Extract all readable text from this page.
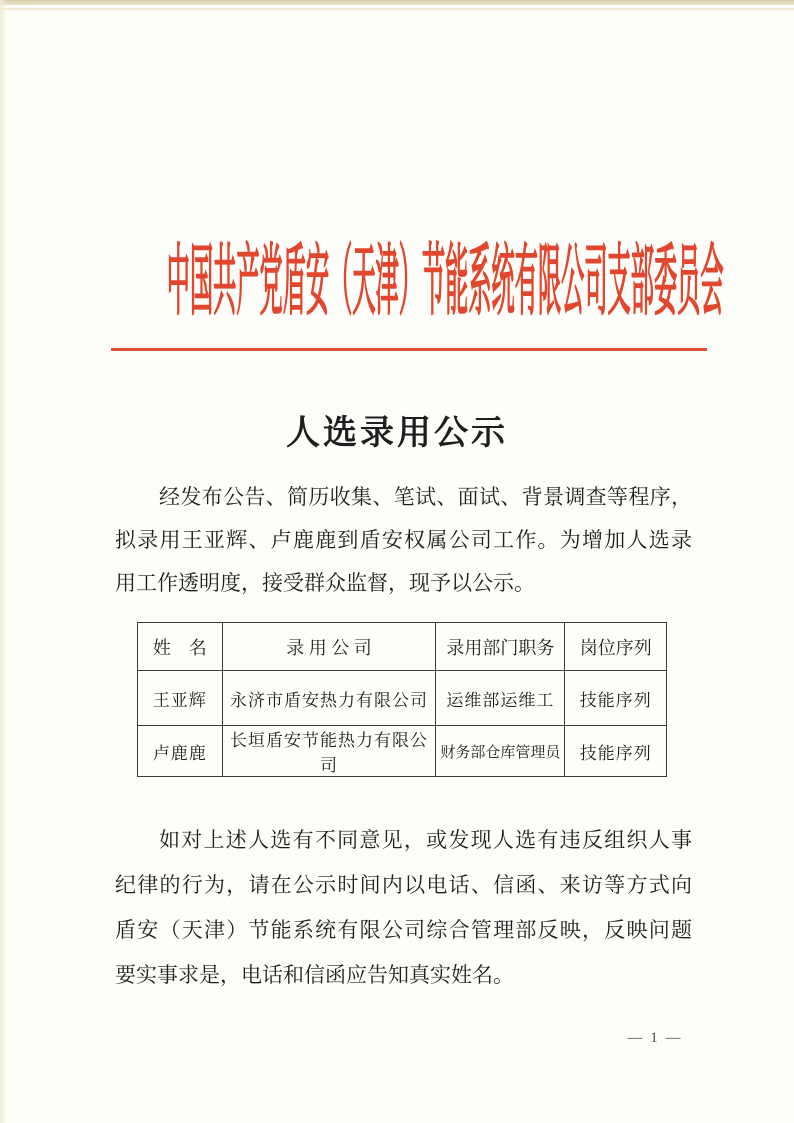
中国共产党盾安（天津）节能系统有限公司支部委员会
人选录用公示
经发布公告、简历收集、笔试、面试、背景调查等程序，
拟录用王亚辉、卢鹿鹿到盾安权属公司工作。为增加人选录
用工作透明度，接受群众监督，现予以公示。
姓　名	录 用 公 司	录用部门职务	岗位序列
王亚辉	永济市盾安热力有限公司	运维部运维工	技能序列
卢鹿鹿	长垣盾安节能热力有限公司	财务部仓库管理员	技能序列
如对上述人选有不同意见，或发现人选有违反组织人事
纪律的行为，请在公示时间内以电话、信函、来访等方式向
盾安（天津）节能系统有限公司综合管理部反映，反映问题
要实事求是，电话和信函应告知真实姓名。
— 1 —
